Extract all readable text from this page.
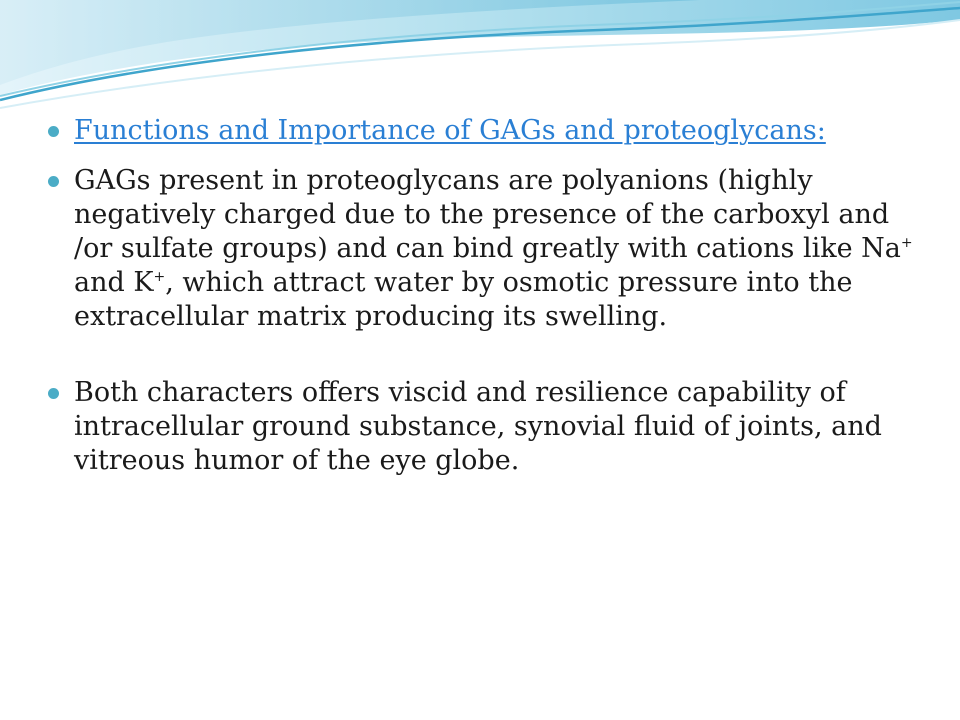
Functions and Importance of GAGs and proteoglycans:
GAGs present in proteoglycans are polyanions (highly negatively charged due to the presence of the carboxyl and /or sulfate groups) and can bind greatly with cations like Na+ and K+, which attract water by osmotic pressure into the extracellular matrix producing its swelling.
Both characters offers viscid and resilience capability of intracellular ground substance, synovial fluid of joints, and vitreous humor of the eye globe.
